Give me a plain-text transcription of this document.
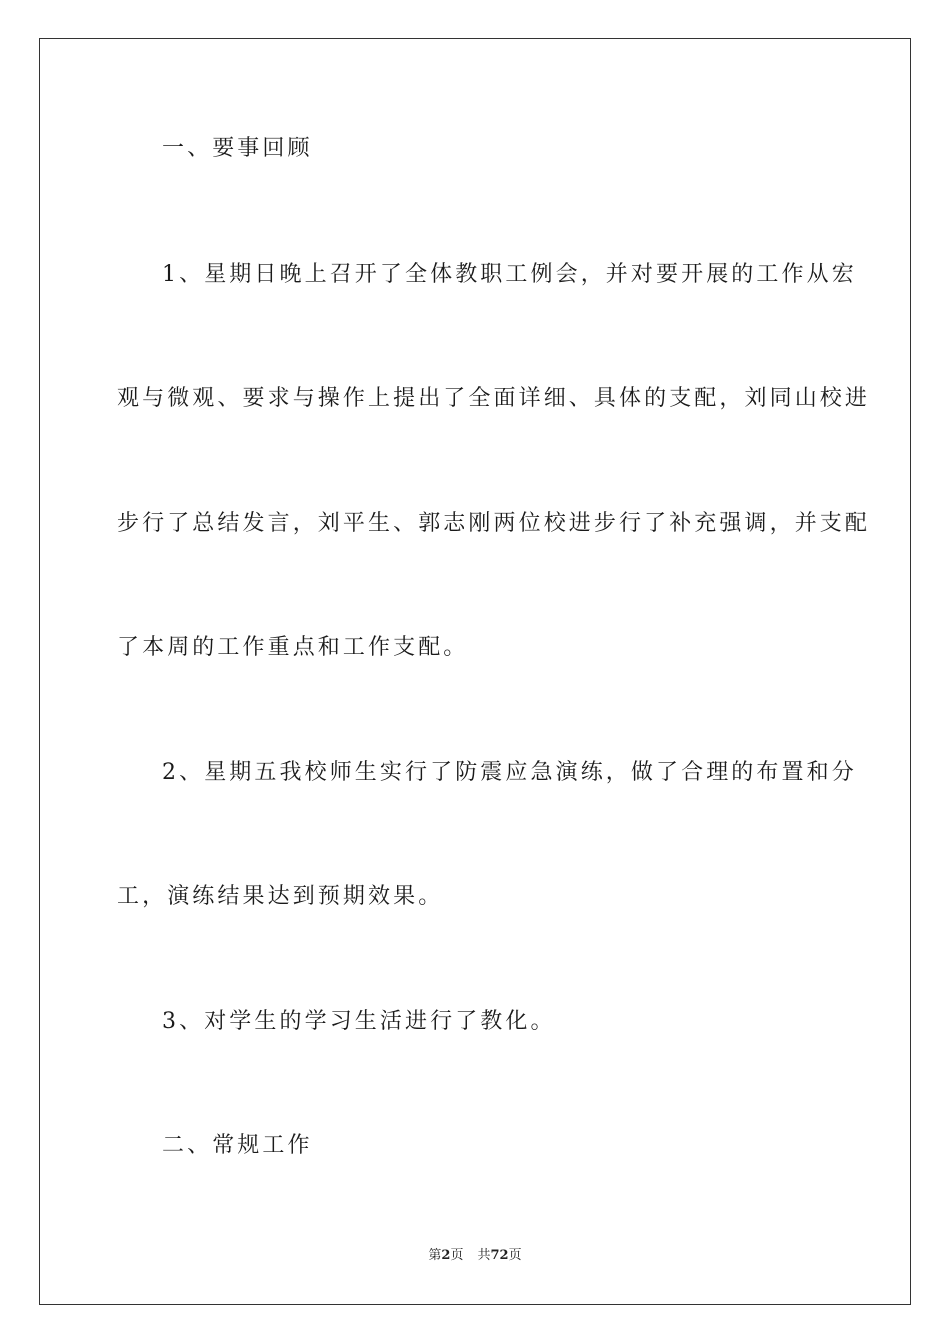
一、要事回顾
1、星期日晚上召开了全体教职工例会，并对要开展的工作从宏
观与微观、要求与操作上提出了全面详细、具体的支配，刘同山校进
步行了总结发言，刘平生、郭志刚两位校进步行了补充强调，并支配
了本周的工作重点和工作支配。
2、星期五我校师生实行了防震应急演练，做了合理的布置和分
工，演练结果达到预期效果。
3、对学生的学习生活进行了教化。
二、常规工作
第2页 共72页
